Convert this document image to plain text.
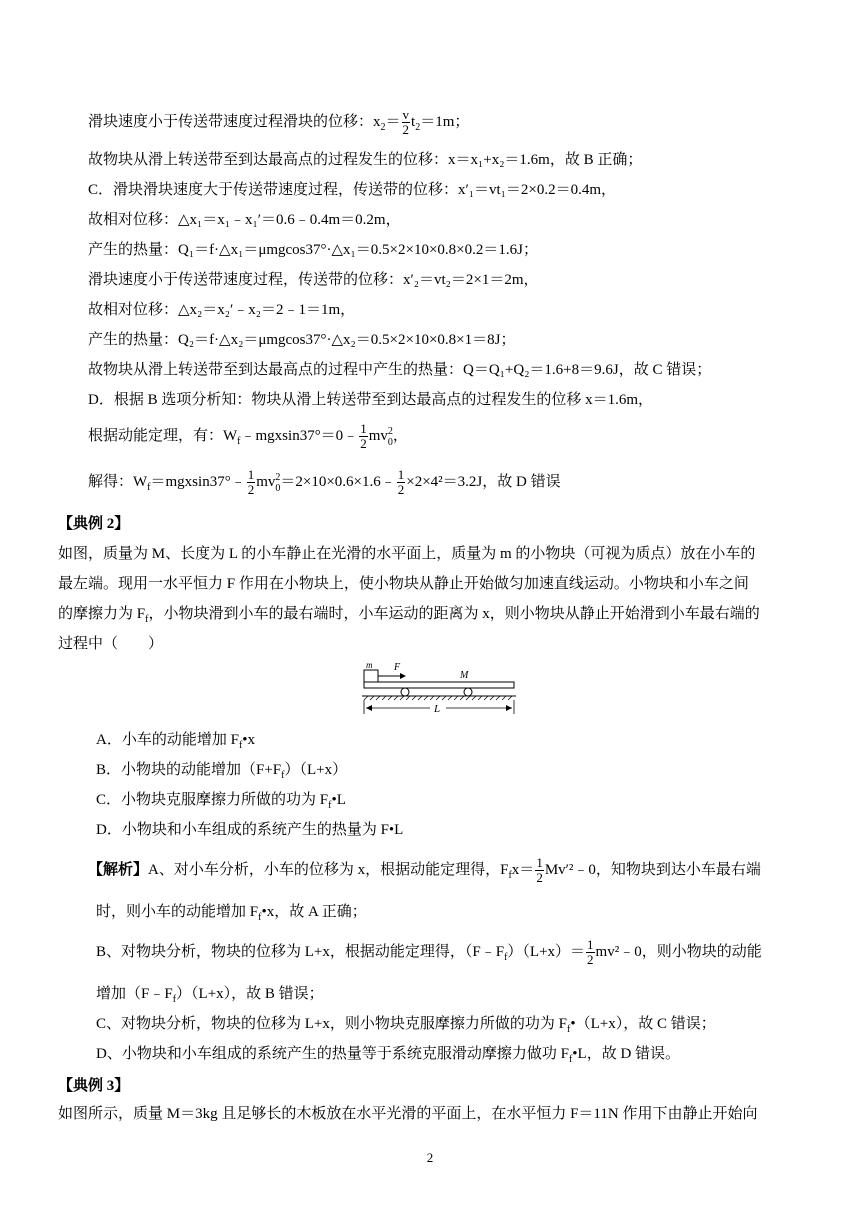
滑块速度小于传送带速度过程滑块的位移：$x_2= \frac{v}{2} t_2=1m$；
故物块从滑上转送带至到达最高点的过程发生的位移：x＝x₁+x₂＝1.6m，故 B 正确；
C．滑块滑块速度大于传送带速度过程，传送带的位移：x′₁＝vt₁＝2×0.2＝0.4m，
故相对位移：△x₁＝x₁﹣x₁′＝0.6﹣0.4m＝0.2m，
产生的热量：Q₁＝f·△x₁＝μmgcos37°·△x₁＝0.5×2×10×0.8×0.2＝1.6J；
滑块速度小于传送带速度过程，传送带的位移：x′₂＝vt₂＝2×1＝2m，
故相对位移：△x₂＝x₂′﹣x₂＝2﹣1＝1m，
产生的热量：Q₂＝f·△x₂＝μmgcos37°·△x₂＝0.5×2×10×0.8×1＝8J；
故物块从滑上转送带至到达最高点的过程中产生的热量：Q＝Q₁+Q₂＝1.6+8＝9.6J，故 C 错误；
D．根据 B 选项分析知：物块从滑上转送带至到达最高点的过程发生的位移 x＝1.6m，
根据动能定理，有：$W_f﹣mgxsin37^\circ=0﹣ \frac{1}{2}$ mv 2
0 ，
解得：$W_f=mgxsin37^\circ﹣ \frac{1}{2}$ mv 2
0 ＝2×10×0.6×1.6﹣ $\frac{1}{2} \times 2\times 4^2=3.2J$，故 D 错误
【典例 2】
如图，质量为 M、长度为 L 的小车静止在光滑的水平面上，质量为 m 的小物块（可视为质点）放在小车的
最左端。现用一水平恒力 F 作用在小物块上，使小物块从静止开始做匀加速直线运动。小物块和小车之间
的摩擦力为 $F_f$，小物块滑到小车的最右端时，小车运动的距离为 x，则小物块从静止开始滑到小车最右端的
过程中（　　）
m F
M
L
A．小车的动能增加 $F_f•x$
B．小物块的动能增加$(F+F_f)(L+x)$
C．小物块克服摩擦力所做的功为 $F_f•L$
D．小物块和小车组成的系统产生的热量为 F•L
【解析】A、对小车分析，小车的位移为 x，根据动能定理得，$F_fx= \frac{1}{2}$ Mv′²﹣0，知物块到达小车最右端
时，则小车的动能增加 $F_f•x$，故 A 正确；
B、对物块分析，物块的位移为 L+x，根据动能定理得，$(F﹣F_f)(L+x)= \frac{1}{2}$ mv²﹣0，则小物块的动能
增加$(F﹣F_f)(L+x)$，故 B 错误；
C、对物块分析，物块的位移为 L+x，则小物块克服摩擦力所做的功为 $F_f•(L+x)$，故 C 错误；
D、小物块和小车组成的系统产生的热量等于系统克服滑动摩擦力做功 $F_f•L$，故 D 错误。
【典例 3】
如图所示，质量 M＝3kg 且足够长的木板放在水平光滑的平面上，在水平恒力 F＝11N 作用下由静止开始向
2
